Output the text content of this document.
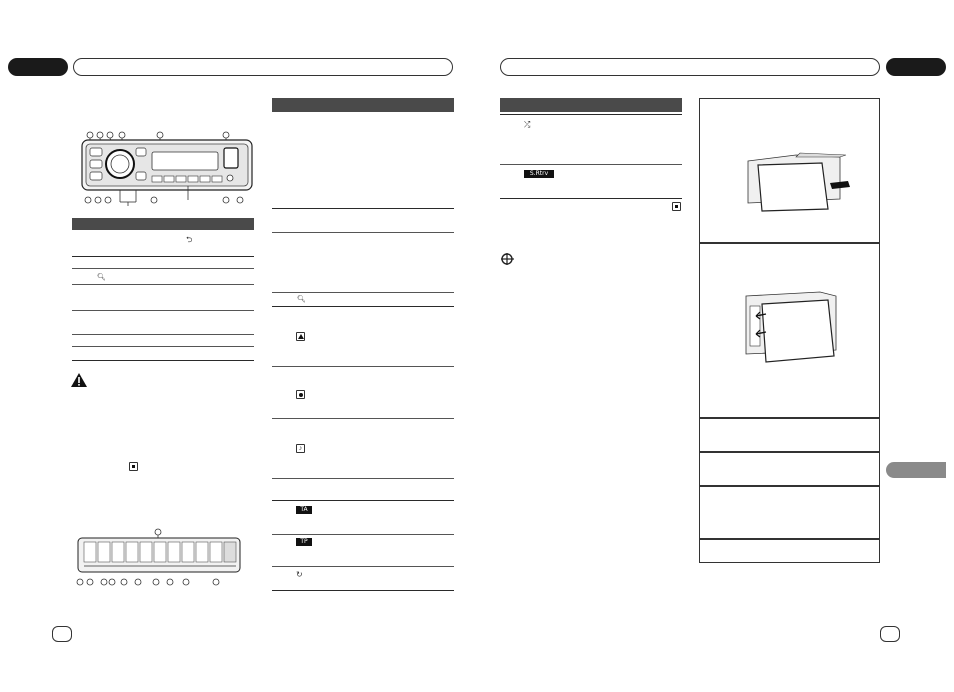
⮌
🔍︎
🔍︎
♪
TA
TP
↻
⤮
S.Rtrv
